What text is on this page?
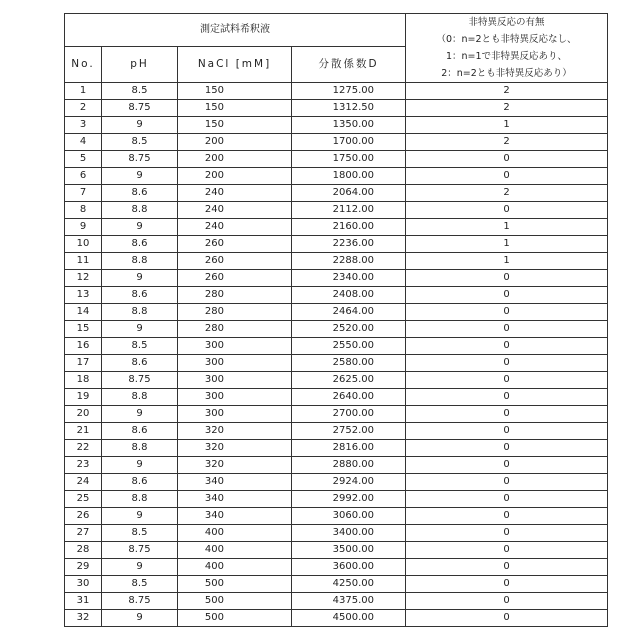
測定試料希釈液	
非特異反応の有無
（0：n=2とも非特異反応なし、
1：n=1で非特異反応あり、
2：n=2とも非特異反応あり）

No.	pH	NaCl [mM]	分散係数D
1	8.5	150	1275.00	2
2	8.75	150	1312.50	2
3	9	150	1350.00	1
4	8.5	200	1700.00	2
5	8.75	200	1750.00	0
6	9	200	1800.00	0
7	8.6	240	2064.00	2
8	8.8	240	2112.00	0
9	9	240	2160.00	1
10	8.6	260	2236.00	1
11	8.8	260	2288.00	1
12	9	260	2340.00	0
13	8.6	280	2408.00	0
14	8.8	280	2464.00	0
15	9	280	2520.00	0
16	8.5	300	2550.00	0
17	8.6	300	2580.00	0
18	8.75	300	2625.00	0
19	8.8	300	2640.00	0
20	9	300	2700.00	0
21	8.6	320	2752.00	0
22	8.8	320	2816.00	0
23	9	320	2880.00	0
24	8.6	340	2924.00	0
25	8.8	340	2992.00	0
26	9	340	3060.00	0
27	8.5	400	3400.00	0
28	8.75	400	3500.00	0
29	9	400	3600.00	0
30	8.5	500	4250.00	0
31	8.75	500	4375.00	0
32	9	500	4500.00	0
